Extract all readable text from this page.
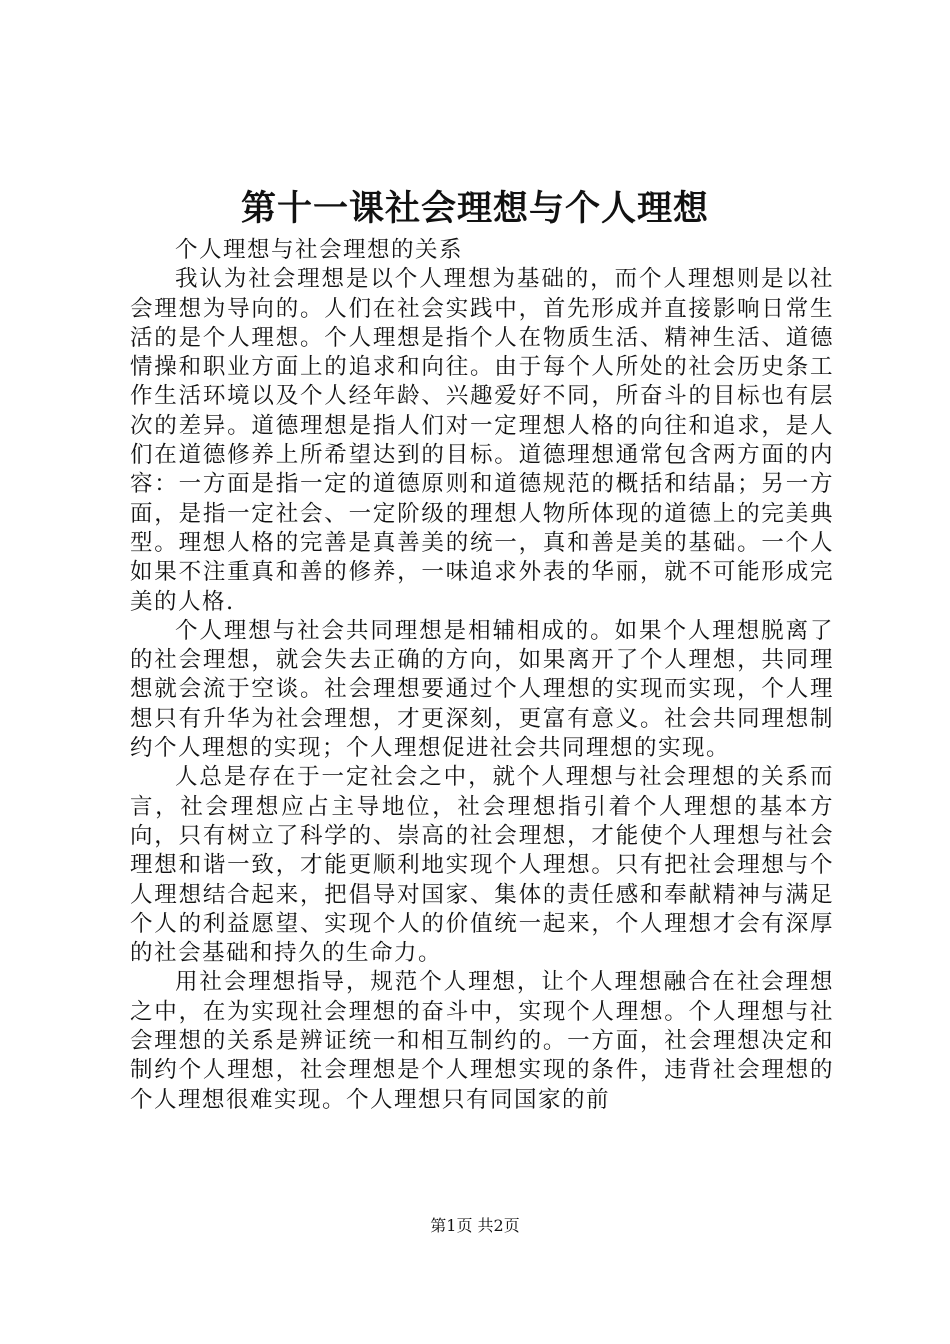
第十一课社会理想与个人理想

个人理想与社会理想的关系

我认为社会理想是以个人理想为基础的，而个人理想则是以社会理想为导向的。人们在社会实践中，首先形成并直接影响日常生活的是个人理想。个人理想是指个人在物质生活、精神生活、道德情操和职业方面上的追求和向往。由于每个人所处的社会历史条工作生活环境以及个人经年龄、兴趣爱好不同，所奋斗的目标也有层次的差异。道德理想是指人们对一定理想人格的向往和追求，是人们在道德修养上所希望达到的目标。道德理想通常包含两方面的内容：一方面是指一定的道德原则和道德规范的概括和结晶；另一方面，是指一定社会、一定阶级的理想人物所体现的道德上的完美典型。理想人格的完善是真善美的统一，真和善是美的基础。一个人如果不注重真和善的修养，一味追求外表的华丽，就不可能形成完美的人格.

个人理想与社会共同理想是相辅相成的。如果个人理想脱离了的社会理想，就会失去正确的方向，如果离开了个人理想，共同理想就会流于空谈。社会理想要通过个人理想的实现而实现，个人理想只有升华为社会理想，才更深刻，更富有意义。社会共同理想制约个人理想的实现；个人理想促进社会共同理想的实现。

人总是存在于一定社会之中，就个人理想与社会理想的关系而言，社会理想应占主导地位，社会理想指引着个人理想的基本方向，只有树立了科学的、崇高的社会理想，才能使个人理想与社会理想和谐一致，才能更顺利地实现个人理想。只有把社会理想与个人理想结合起来，把倡导对国家、集体的责任感和奉献精神与满足个人的利益愿望、实现个人的价值统一起来，个人理想才会有深厚的社会基础和持久的生命力。

用社会理想指导，规范个人理想，让个人理想融合在社会理想之中，在为实现社会理想的奋斗中，实现个人理想。个人理想与社会理想的关系是辨证统一和相互制约的。一方面，社会理想决定和制约个人理想，社会理想是个人理想实现的条件，违背社会理想的个人理想很难实现。个人理想只有同国家的前

第1页 共2页
